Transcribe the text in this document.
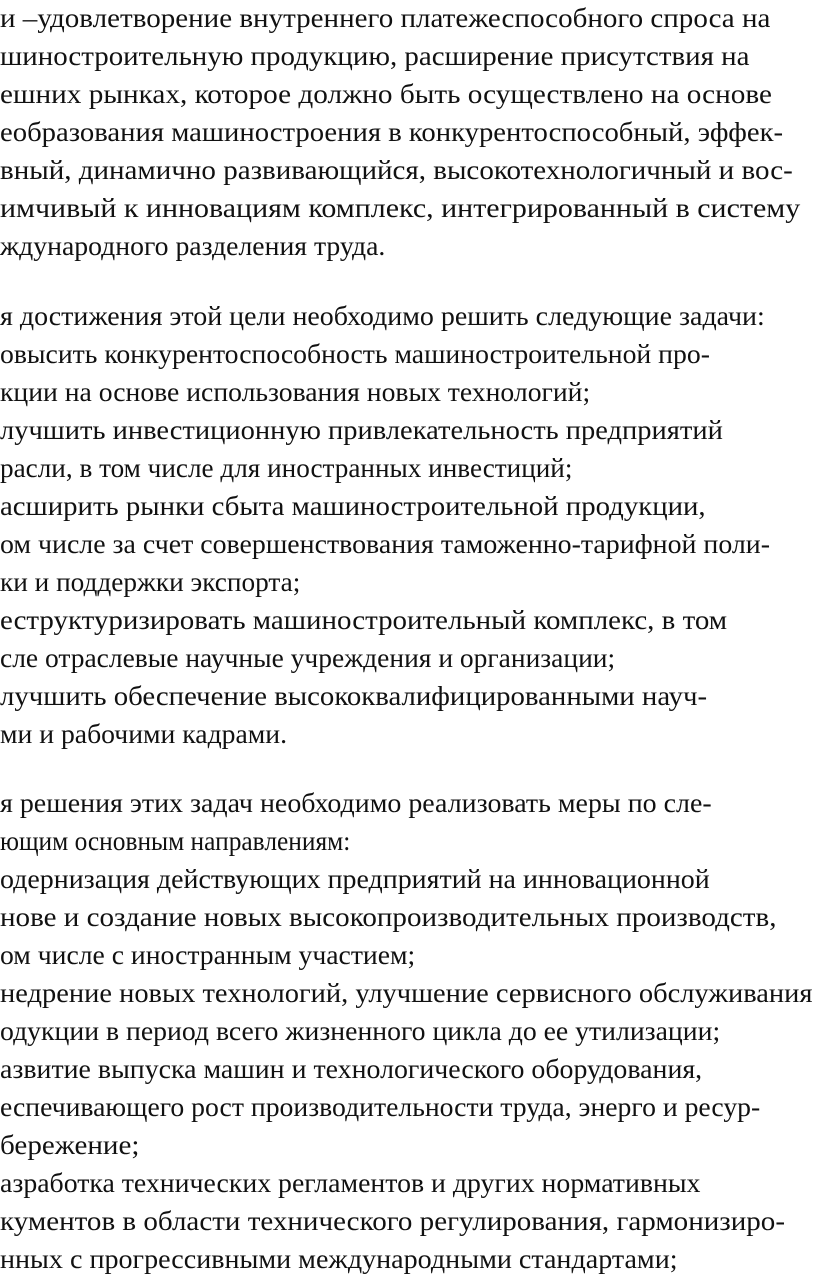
и –удовлетворение внутреннего платежеспособного спроса на

шиностроительную продукцию, расширение присутствия на

ешних рынках, которое должно быть осуществлено на основе

еобразования машиностроения в конкурентоспособный, эффек-

вный, динамично развивающийся, высокотехнологичный и вос-

имчивый к инновациям комплекс, интегрированный в систему

ждународного разделения труда.

я достижения этой цели необходимо решить следующие задачи:

овысить конкурентоспособность машиностроительной про-

кции на основе использования новых технологий;

лучшить инвестиционную привлекательность предприятий

расли, в том числе для иностранных инвестиций;

асширить рынки сбыта машиностроительной продукции,

ом числе за счет совершенствования таможенно-тарифной поли-

ки и поддержки экспорта;

еструктуризировать машиностроительный комплекс, в том

сле отраслевые научные учреждения и организации;

лучшить обеспечение высококвалифицированными науч-

ми и рабочими кадрами.

я решения этих задач необходимо реализовать меры по сле-

ющим основным направлениям:

одернизация действующих предприятий на инновационной

нове и создание новых высокопроизводительных производств,

ом числе с иностранным участием;

недрение новых технологий, улучшение сервисного обслуживания

одукции в период всего жизненного цикла до ее утилизации;

азвитие выпуска машин и технологического оборудования,

еспечивающего рост производительности труда, энерго и ресур-

бережение;

азработка технических регламентов и других нормативных

кументов в области технического регулирования, гармонизиро-

нных с прогрессивными международными стандартами;
